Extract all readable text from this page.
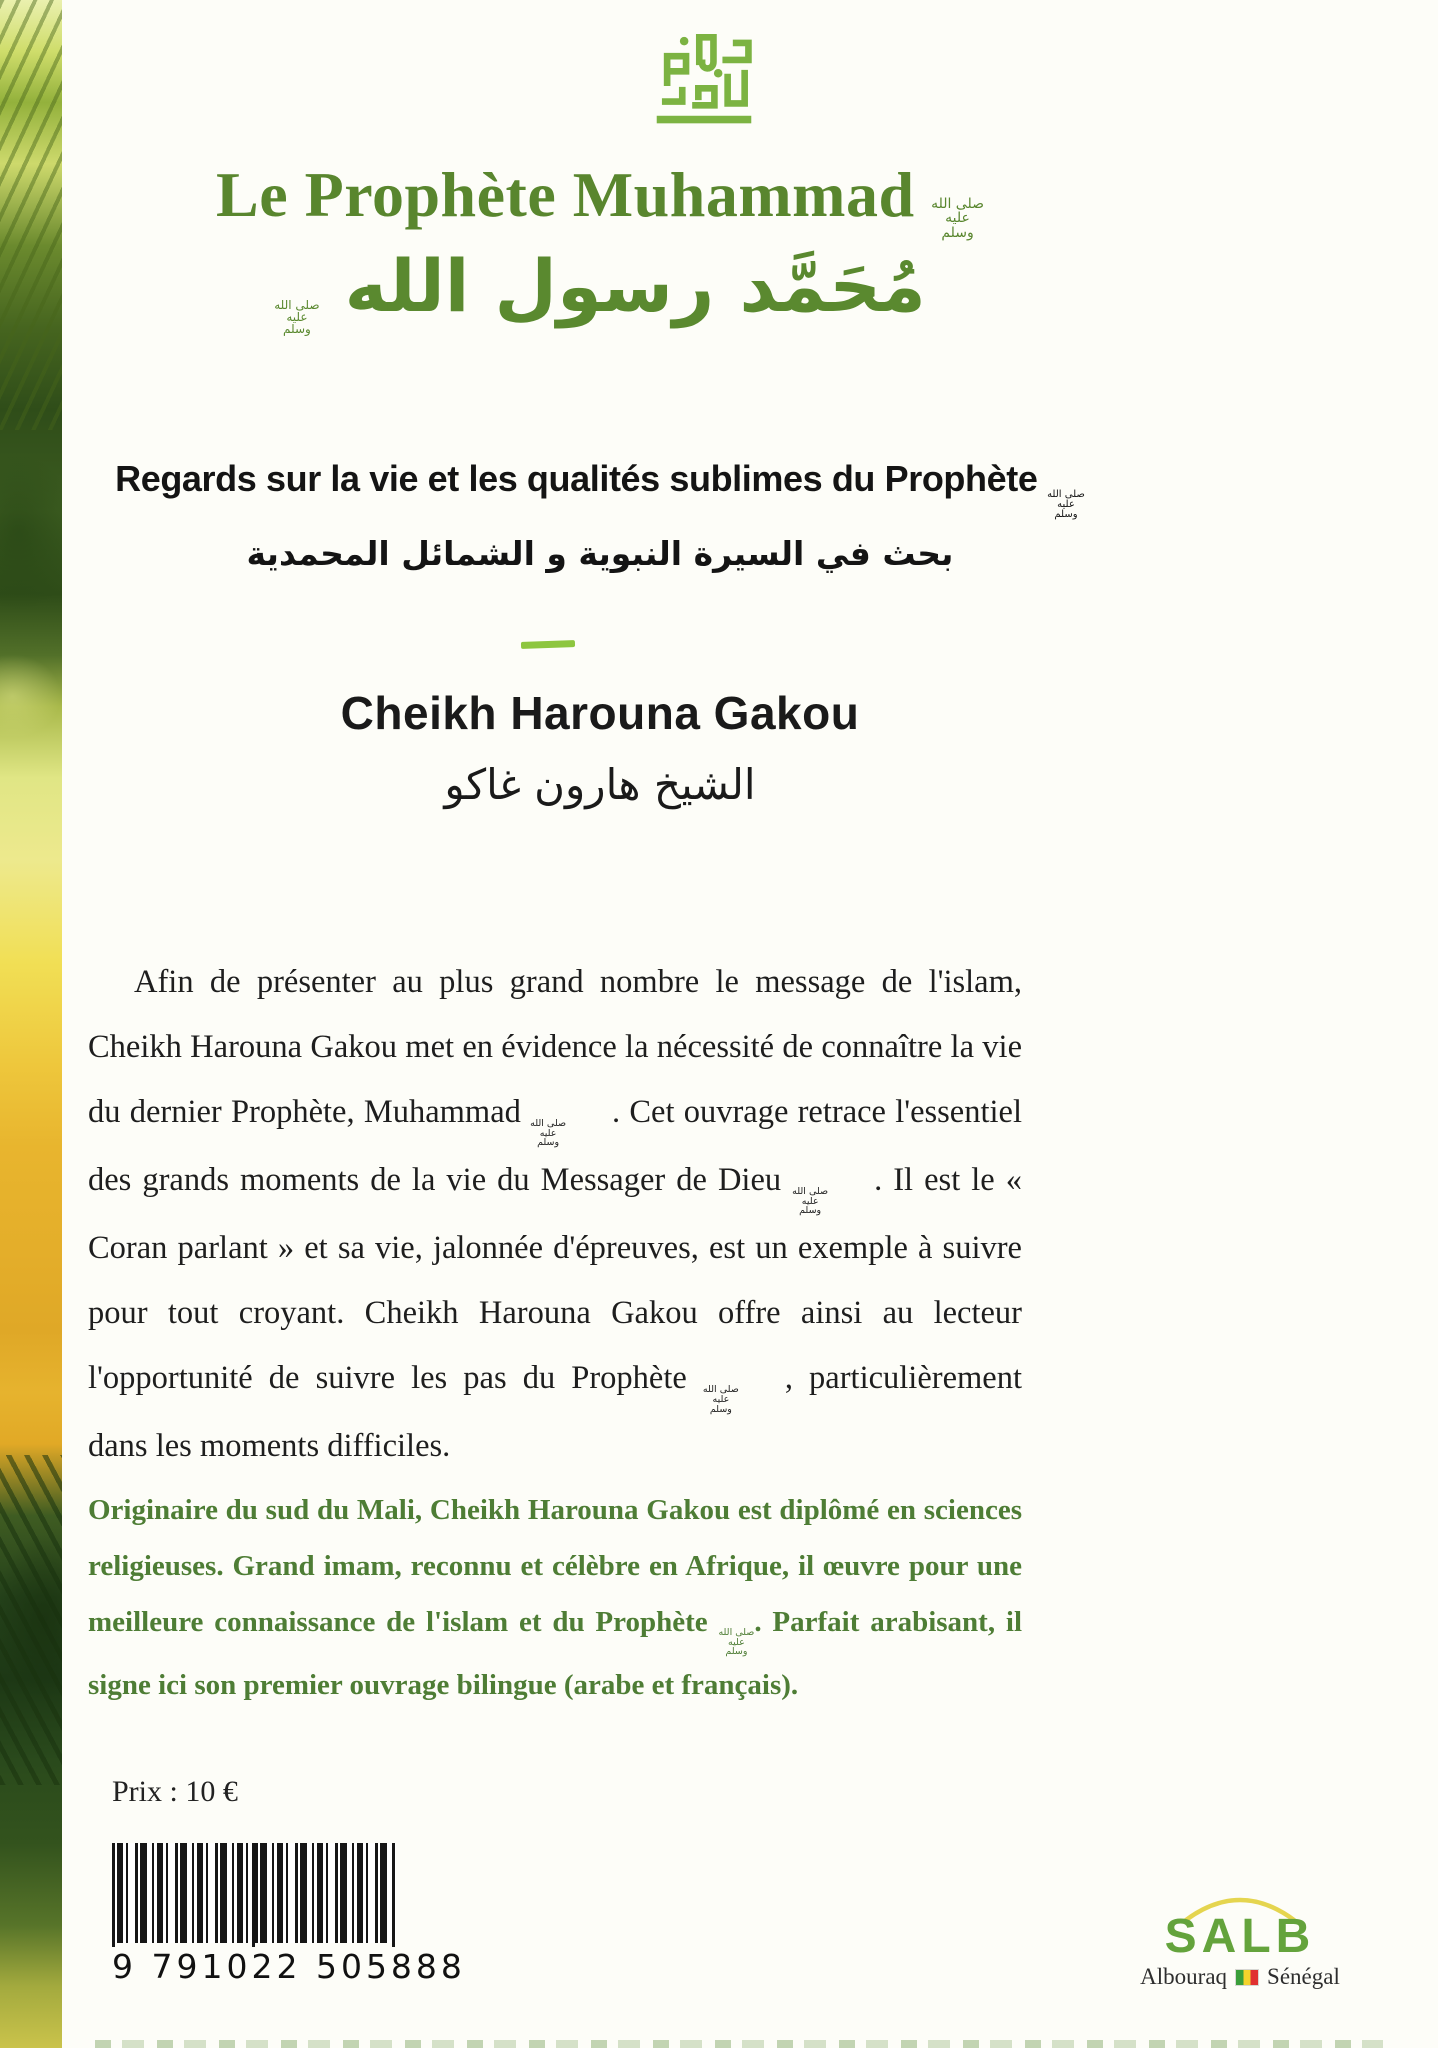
Le Prophète Muhammad صلى الله
عليه
وسلم
مُحَمَّد رسول الله
صلى الله
عليه
وسلم
Regards sur la vie et les qualités sublimes du Prophète صلى الله
عليه
وسلم
بحث في السيرة النبوية و الشمائل المحمدية
Cheikh Harouna Gakou
الشيخ هارون غاكو

Afin de présenter au plus grand nombre le message de l'islam, Cheikh Harouna Gakou met en évidence la nécessité de connaître la vie du dernier Prophète, Muhammad صلى الله
عليه
وسلم
. Cet ouvrage retrace l'essentiel des grands moments de la vie du Messager de Dieu صلى الله
عليه
وسلم
. Il est le « Coran parlant » et sa vie, jalonnée d'épreuves, est un exemple à suivre pour tout croyant. Cheikh Harouna Gakou offre ainsi au lecteur l'opportunité de suivre les pas du Prophète صلى الله
عليه
وسلم
, particulièrement dans les moments difficiles.

Originaire du sud du Mali, Cheikh Harouna Gakou est diplômé en sciences religieuses. Grand imam, reconnu et célèbre en Afrique, il œuvre pour une meilleure connaissance de l'islam et du Prophète صلى الله
عليه
وسلم
. Parfait arabisant, il signe ici son premier ouvrage bilingue (arabe et français).

Prix : 10 €
9 791022 505888
SALB
Albouraq Sénégal
